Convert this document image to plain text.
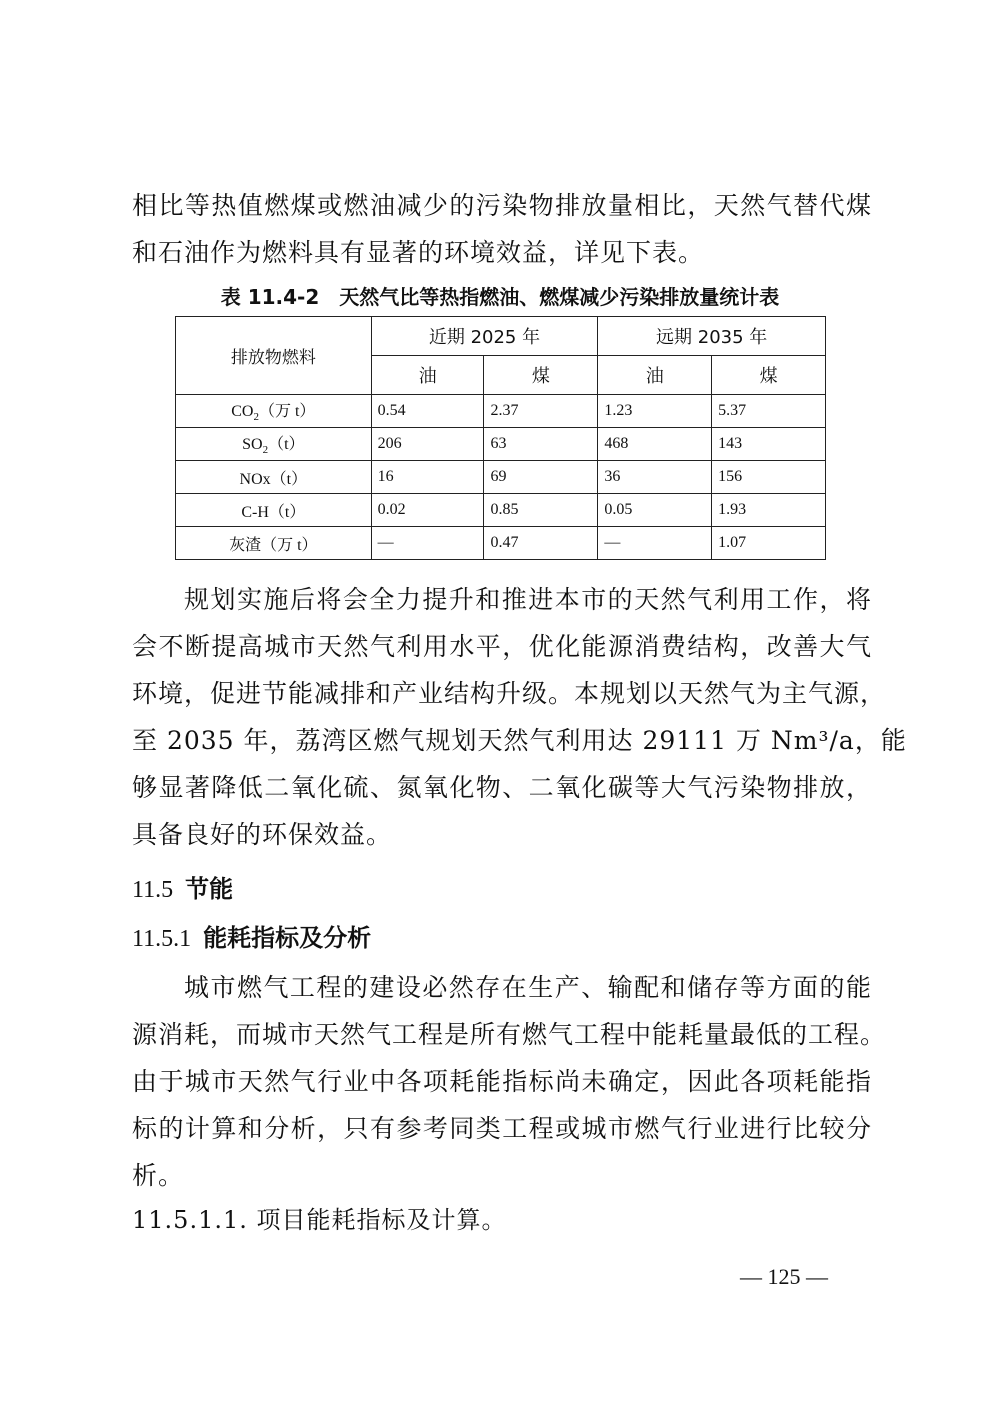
相比等热值燃煤或燃油减少的污染物排放量相比，天然气替代煤
和石油作为燃料具有显著的环境效益，详见下表。
表 11.4-2　天然气比等热指燃油、燃煤减少污染排放量统计表
排放物燃料	近期 2025 年		远期 2035 年	
	油	煤	油	煤
$CO_2$（万 t）	0.54	2.37	1.23	5.37
$SO_2(t)$	206	63	468	143
NOx（t）	16	69	36	156
C-H（t）	0.02	0.85	0.05	1.93
灰渣（万 t）	—	0.47	—	1.07
规划实施后将会全力提升和推进本市的天然气利用工作，将
会不断提高城市天然气利用水平，优化能源消费结构，改善大气
环境，促进节能减排和产业结构升级。本规划以天然气为主气源，
至 2035 年，荔湾区燃气规划天然气利用达 29111 万 Nm³/a，能
够显著降低二氧化硫、氮氧化物、二氧化碳等大气污染物排放，
具备良好的环保效益。
11.5 节能
11.5.1 能耗指标及分析
城市燃气工程的建设必然存在生产、输配和储存等方面的能
源消耗，而城市天然气工程是所有燃气工程中能耗量最低的工程。
由于城市天然气行业中各项耗能指标尚未确定，因此各项耗能指
标的计算和分析，只有参考同类工程或城市燃气行业进行比较分
析。
11.5.1.1. 项目能耗指标及计算。
— 125 —
